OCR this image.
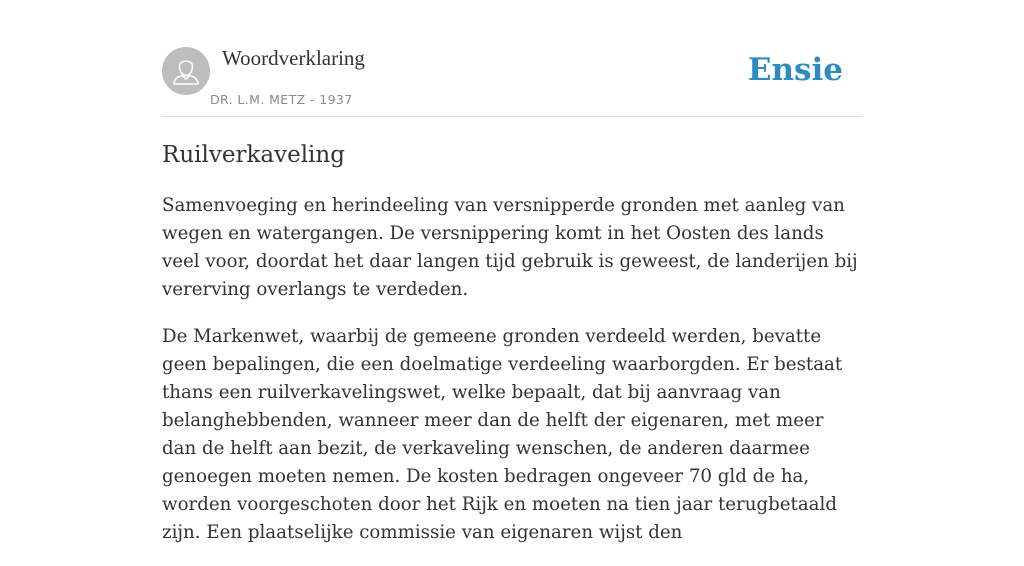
Woordverklaring
DR. L.M. METZ - 1937
Ensie
Ruilverkaveling

Samenvoeging en herindeeling van versnipperde gronden met aanleg van wegen en watergangen. De versnippering komt in het Oosten des lands veel voor, doordat het daar langen tijd gebruik is geweest, de landerijen bij vererving overlangs te verdeden.

De Markenwet, waarbij de gemeene gronden verdeeld werden, bevatte geen bepalingen, die een doelmatige verdeeling waarborgden. Er bestaat thans een ruilverkavelingswet, welke bepaalt, dat bij aanvraag van belanghebbenden, wanneer meer dan de helft der eigenaren, met meer dan de helft aan bezit, de verkaveling wenschen, de anderen daarmee genoegen moeten nemen. De kosten bedragen ongeveer 70 gld de ha, worden voorgeschoten door het Rijk en moeten na tien jaar terugbetaald zijn. Een plaatselijke commissie van eigenaren wijst den
